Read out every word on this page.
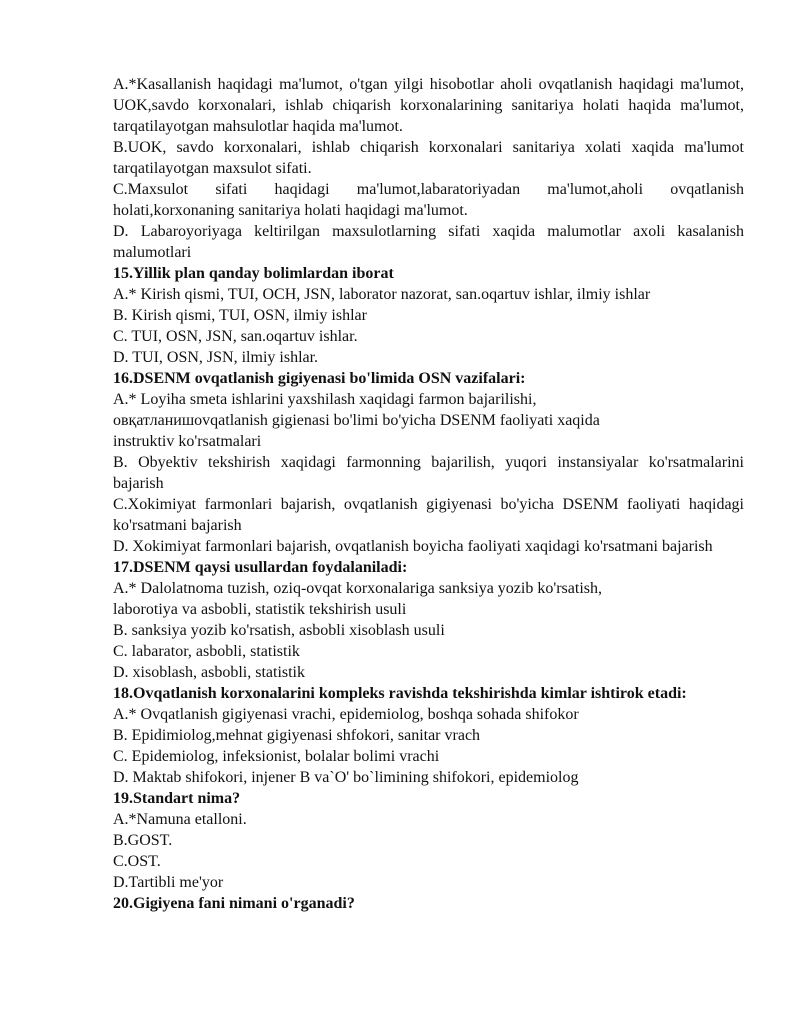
A.*Kasallanish haqidagi ma'lumot, o'tgan yilgi hisobotlar aholi ovqatlanish haqidagi ma'lumot, UOK,savdo korxonalari, ishlab chiqarish korxonalarining sanitariya holati haqida ma'lumot, tarqatilayotgan mahsulotlar haqida ma'lumot.

B.UOK, savdo korxonalari, ishlab chiqarish korxonalari sanitariya xolati xaqida ma'lumot tarqatilayotgan maxsulot sifati.

C.Maxsulot sifati haqidagi ma'lumot,labaratoriyadan ma'lumot,aholi ovqatlanish holati,korxonaning sanitariya holati haqidagi ma'lumot.

D. Labaroyoriyaga keltirilgan maxsulotlarning sifati xaqida malumotlar axoli kasalanish malumotlari

15.Yillik plan qanday bolimlardan iborat

A.* Kirish qismi, TUI, OCH, JSN, laborator nazorat, san.oqartuv ishlar, ilmiy ishlar

B. Kirish qismi, TUI, OSN, ilmiy ishlar

C. TUI, OSN, JSN, san.oqartuv ishlar.

D. TUI, OSN, JSN, ilmiy ishlar.

16.DSENM ovqatlanish gigiyenasi bo'limida OSN vazifalari:

A.* Loyiha smeta ishlarini yaxshilash xaqidagi farmon bajarilishi,

овқатланишovqatlanish gigienasi bo'limi bo'yicha DSENM faoliyati xaqida

instruktiv ko'rsatmalari

B. Obyektiv tekshirish xaqidagi farmonning bajarilish, yuqori instansiyalar ko'rsatmalarini bajarish

C.Xokimiyat farmonlari bajarish, ovqatlanish gigiyenasi bo'yicha DSENM faoliyati haqidagi ko'rsatmani bajarish

D. Xokimiyat farmonlari bajarish, ovqatlanish boyicha faoliyati xaqidagi ko'rsatmani bajarish

17.DSENM qaysi usullardan foydalaniladi:

A.* Dalolatnoma tuzish, oziq-ovqat korxonalariga sanksiya yozib ko'rsatish,

laborotiya va asbobli, statistik tekshirish usuli

B. sanksiya yozib ko'rsatish, asbobli xisoblash usuli

C. labarator, asbobli, statistik

D. xisoblash, asbobli, statistik

18.Ovqatlanish korxonalarini kompleks ravishda tekshirishda kimlar ishtirok etadi:

A.* Ovqatlanish gigiyenasi vrachi, epidemiolog, boshqa sohada shifokor

B. Epidimiolog,mehnat gigiyenasi shfokori, sanitar vrach

C. Epidemiolog, infeksionist, bolalar bolimi vrachi

D. Maktab shifokori, injener B va`O' bo`limining shifokori, epidemiolog

19.Standart nima?

A.*Namuna etalloni.

B.GOST.

C.OST.

D.Tartibli me'yor

20.Gigiyena fani nimani o'rganadi?
